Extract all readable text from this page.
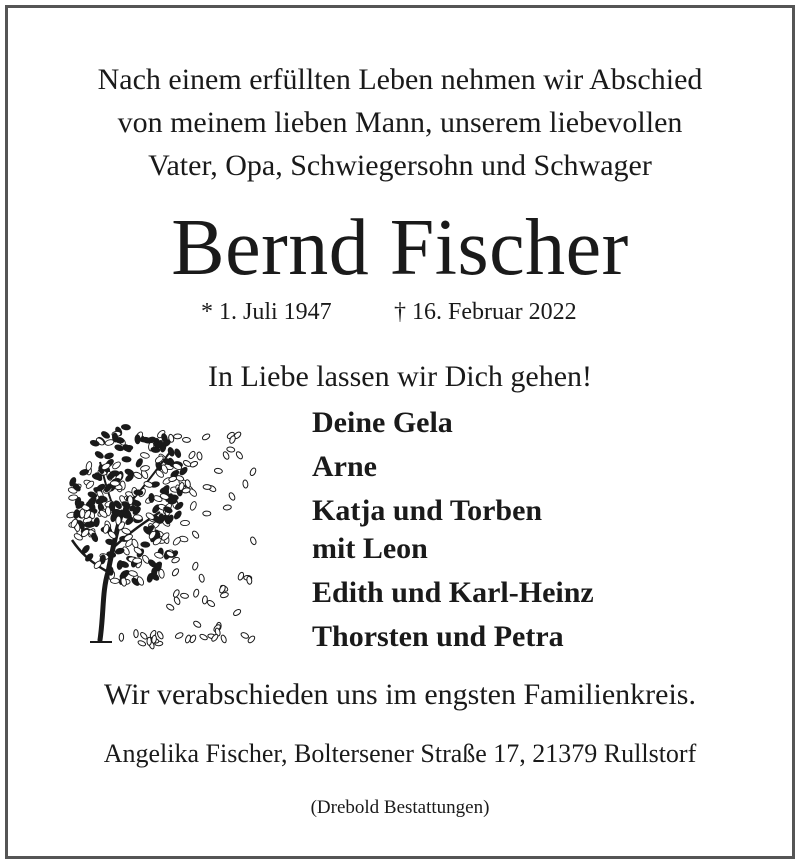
Nach einem erfüllten Leben nehmen wir Abschied
von meinem lieben Mann, unserem liebevollen
Vater, Opa, Schwiegersohn und Schwager
Bernd Fischer
* 1. Juli 1947	† 16. Februar 2022
In Liebe lassen wir Dich gehen!
Deine Gela
Arne
Katja und Torben
mit Leon
Edith und Karl-Heinz
Thorsten und Petra
Wir verabschieden uns im engsten Familienkreis.
Angelika Fischer, Boltersener Straße 17, 21379 Rullstorf
(Drebold Bestattungen)
